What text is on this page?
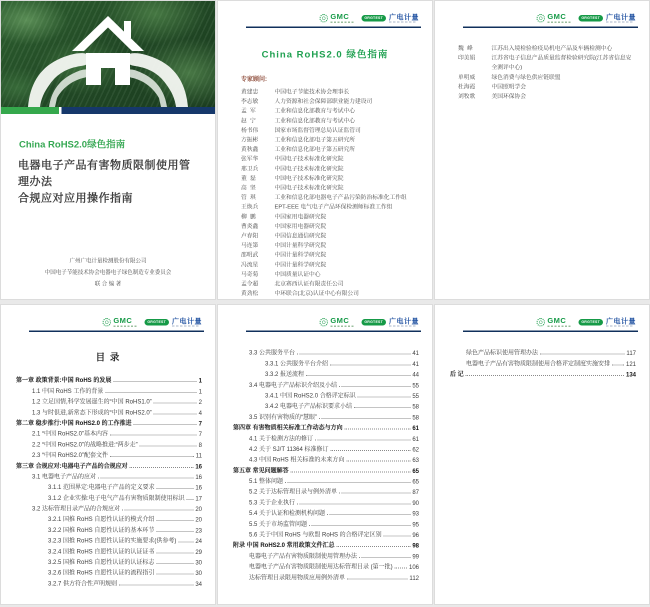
China RoHS2.0绿色指南
电器电子产品有害物质限制使用管理办法
合规应对应用操作指南
广州广电计量检测股份有限公司
中国电子节能技术协会电器电子绿色制造专业委员会
联 合 编 著
GMC	GRGTEST 广电计量
China RoHS2.0 绿色指南
专家顾问:
黄建忠	中国电子节能技术协会理事长
李志敏	人力资源和社会保障部职业能力建设司
孟  军	工业和信息化部教育与考试中心
赵  宁	工业和信息化部教育与考试中心
杨书伟	国家市场监督管理总局认证监管司
方振彬	工业和信息化部电子第五研究所
黄秋鑫	工业和信息化部电子第五研究所
张军华	中国电子技术标准化研究院
邢卫兵	中国电子技术标准化研究院
董  磊	中国电子技术标准化研究院
高  坚	中国电子技术标准化研究院
管  琪	工业和信息化部电器电子产品污染防治标准化工作组
王焕兵	EPT-EEE 电气电子产品环保检测师标准工作组
柳  鹏	中国家用电器研究院
曹炎鑫	中国家用电器研究院
卢春阳	中国信息通信研究院
马连第	中国计量科学研究院
邵明武	中国计量科学研究院
冯流星	中国计量科学研究院
马奇菊	中国质量认证中心
孟令超	北京赛西认证有限责任公司
黄劲松	中环联合(北京)认证中心有限公司
GMC	GRGTEST 广电计量
魏  峰	江苏出入境检验检疫局机电产品及车辆检测中心
印美娟	江苏省电子信息产品质量监督检验研究院(江苏省信息安全测评中心)
单明威	绿色消费与绿色供应链联盟
杜海霞	中国照明学会
刘牧歌	美国环保协会
GMC	GRGTEST 广电计量
目 录
第一章 政策背景:中国 RoHS 的发展	1
1.1 中国 RoHS 工作的背景	1
1.2 立足国情,科学发展诞生的“中国 RoHS1.0”	2
1.3 与时俱进,新常态下形成的“中国 RoHS2.0”	4
第二章 稳步推行:中国 RoHS2.0 的工作推进	7
2.1 “中国 RoHS2.0”基本内容	7
2.2 “中国 RoHS2.0”的战略推进:“两步走”	8
2.3 “中国 RoHS2.0”配套文件	11
第三章 合规应对:电器电子产品的合规应对	16
3.1 电器电子产品的应对	16
3.1.1 范围界定:电器电子产品的定义要求	16
3.1.2 企业实操:电子电气产品有害物质限制使用标识 17
3.2 达标管理目录产品的合规应对	20
3.2.1 国推 RoHS 自愿性认证的模式介绍	20
3.2.2 国推 RoHS 自愿性认证的基本环节	23
3.2.3 国推 RoHS 自愿性认证的实施要求(供参考) 24
3.2.4 国推 RoHS 自愿性认证的认证证书	29
3.2.5 国推 RoHS 自愿性认证的认证标志	30
3.2.6 国推 RoHS 自愿性认证的流程指引	30
3.2.7 供方符合性声明规则	34
GMC	GRGTEST 广电计量
3.3 公共服务平台	41
3.3.1 公共服务平台介绍	41
3.3.2 报送流程	44
3.4 电器电子产品标识介绍及小结	55
3.4.1 中国 RoHS2.0 合格评定标识	55
3.4.2 电器电子产品标识要求小结	58
3.5 识别有害物质的“慧眼”	58
第四章 有害物质相关标准工作动态与方向	61
4.1 关于检测方法的修订	61
4.2 关于 SJ/T 11364 标准修订	62
4.3 中国 RoHS 相关标准的未来方向	63
第五章 常见问题解答	65
5.1 整体问题	65
5.2 关于达标管理目录与例外清单	87
5.3 关于企业执行	90
5.4 关于认证和检测机构问题	93
5.5 关于市场监管问题	95
5.6 关于中国 RoHS 与欧盟 RoHS 的合格评定区别	96
附录 中国 RoHS2.0 常用政策文件汇总	98
电器电子产品有害物质限制使用管理办法	99
电器电子产品有害物质限制使用达标管理目录 (第一批) 106
达标管理目录限用物质应用例外清单	112
GMC	GRGTEST 广电计量
绿色产品标识使用管理办法	117
电器电子产品有害物质限制使用合格评定制度实施安排 121
后 记	134
